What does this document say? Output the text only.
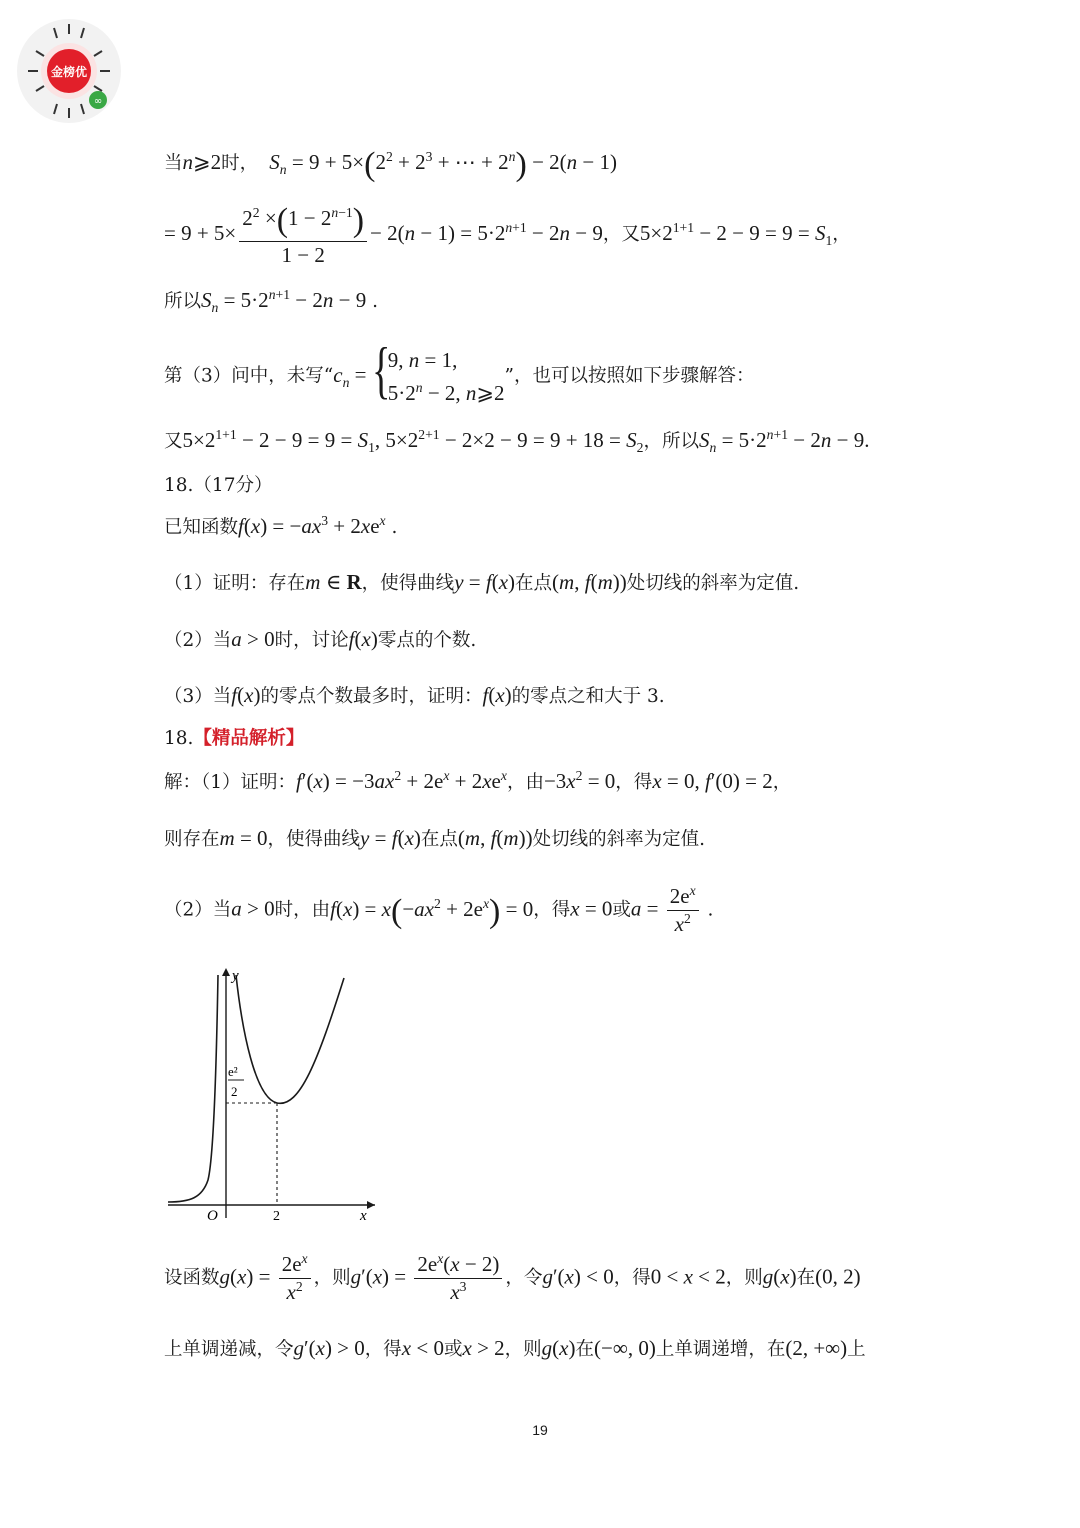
金榜优
∞
当n⩾2时， $S_n = 9 + 5\times(2^2 + 2^3$ + ⋯ + $2^n) - 2(n - 1)$
= $9 + 5\times \frac{2^2 \times(1 - 2^{n-1})}{1 - 2} - 2(n - 1) = 5\cdot 2^{n+1} - 2n - 9$，又$5\times 2^{1+1} - 2 - 9 = 9 = S_1$，
所以$S_n = 5\cdot 2^{n+1} - 2n - 9$ .
第（3）问中，未写“$c_n$ = {
9, n = 1,
$5\cdot 2^n - 2$, n⩾2
”，也可以按照如下步骤解答：
又$5\times 2^{1+1} - 2 - 9 = 9 = S_1$, $5\times 2^{2+1} - 2\times 2 - 9 = 9 + 18 = S_2$，所以$S_n = 5\cdot 2^{n+1} - 2n - 9$.
18.（17分）
已知函数$f(x) = -ax^3 + 2xe^x$ .
（1）证明：存在m ∈ R，使得曲线y = f(x)在点(m, f(m))处切线的斜率为定值.
（2）当a > 0时，讨论f(x)零点的个数.
（3）当f(x)的零点个数最多时，证明：f(x)的零点之和大于 3.
18.【精品解析】
解：（1）证明：$f'(x) = -3ax^2 + 2e^x + 2xe^x$，由$-3x^2 = 0$，得x = 0, f′(0) = 2，
则存在m = 0，使得曲线y = f(x)在点(m, f(m))处切线的斜率为定值.
（2）当a > 0时，由$f(x) = x(-ax^2 + 2e^x) = 0$，得x = 0或$a = \frac{2e^x}{x^2}$ .
y
x
O	2
e²
2
设函数$g(x) = \frac{2e^x}{x^2}$ ，则$g'(x) = \frac{2e^x(x - 2)}{x^3}$ ，令g′(x) < 0，得0 < x < 2，则g(x)在(0, 2)
上单调递减，令g′(x) > 0，得x < 0或x > 2，则g(x)在(−∞, 0)上单调递增，在(2, +∞)上
19
